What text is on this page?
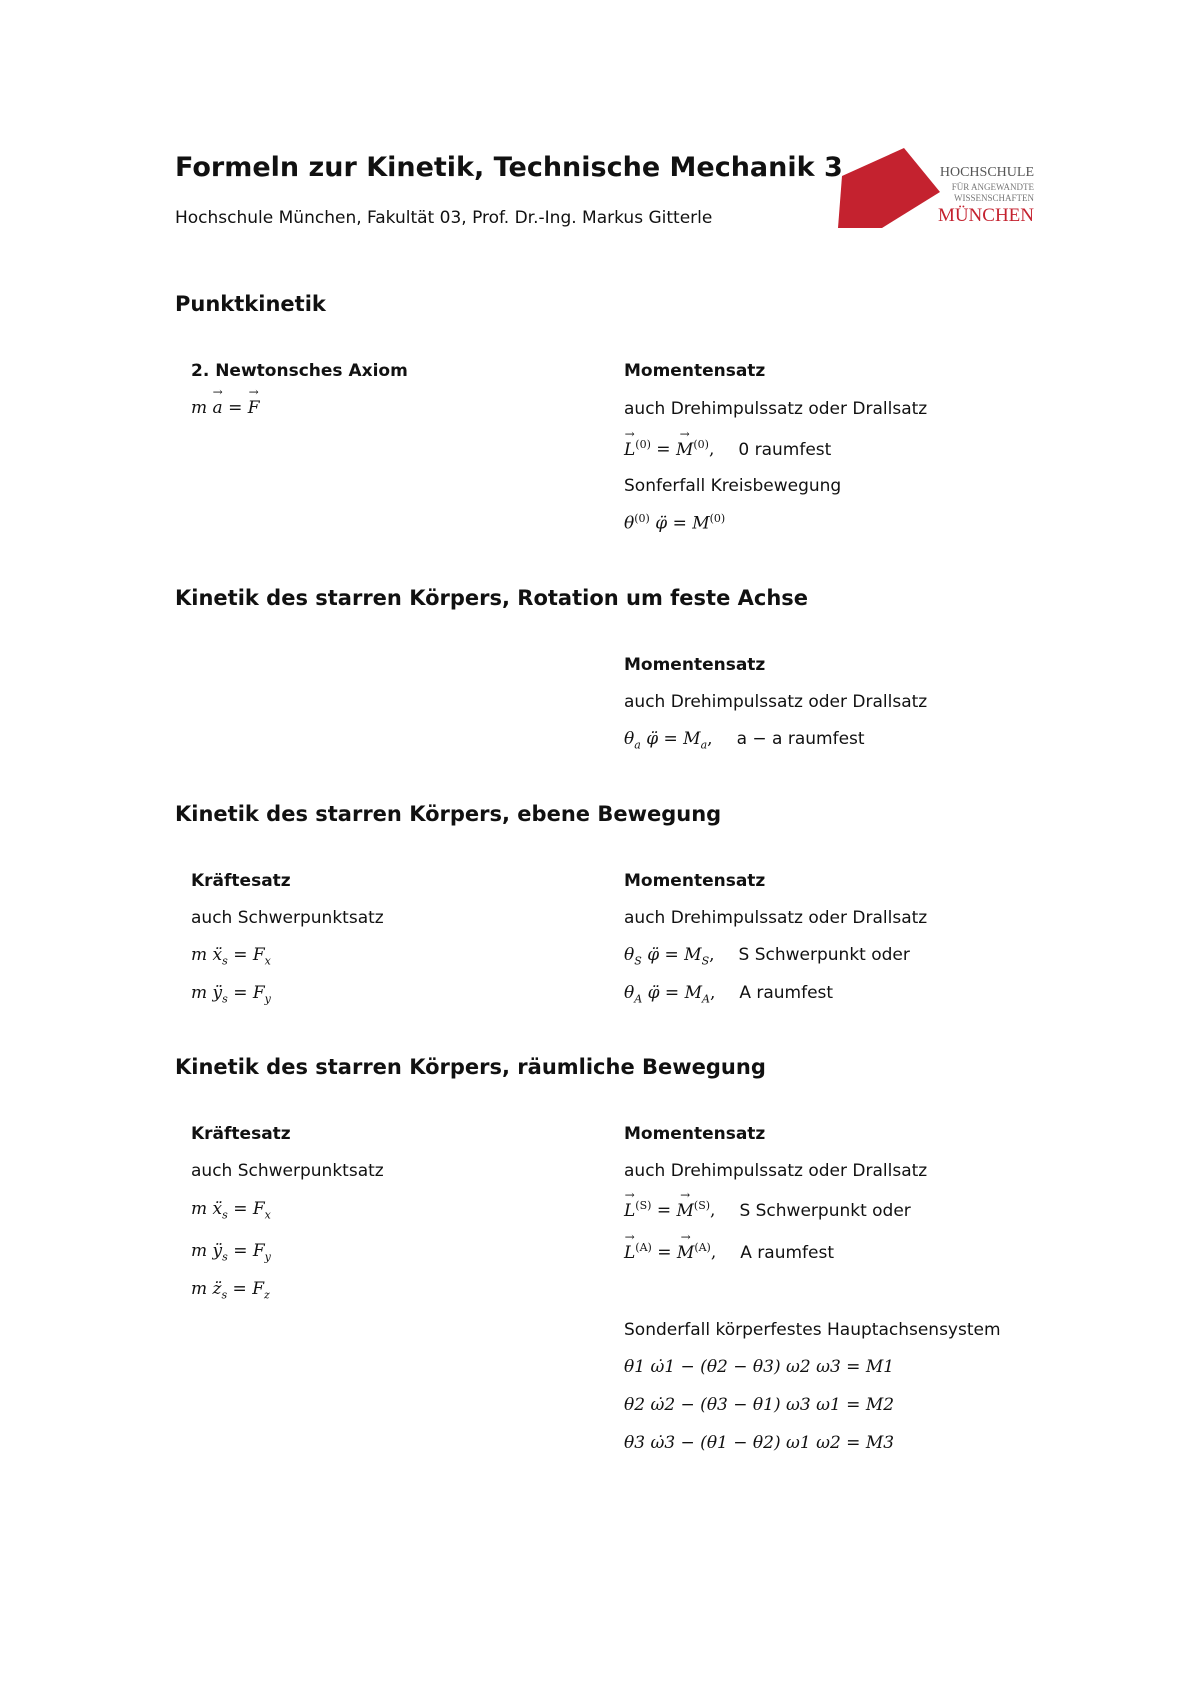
Formeln zur Kinetik, Technische Mechanik 3
Hochschule München, Fakultät 03, Prof. Dr.-Ing. Markus Gitterle
HOCHSCHULE
FÜR ANGEWANDTE
WISSENSCHAFTEN
MÜNCHEN
Punktkinetik
2. Newtonsches Axiom
m → a = → F
Momentensatz
auch Drehimpulssatz oder Drallsatz
→ $L^{(0)}$ = → $M^{(0)}$, 0 raumfest
Sonferfall Kreisbewegung
$\theta^{(0)}$ φ̈ = $M^{(0)}$
Kinetik des starren Körpers, Rotation um feste Achse
Momentensatz
auch Drehimpulssatz oder Drallsatz
$\theta_a$ φ̈ = $M_a$, a − a raumfest
Kinetik des starren Körpers, ebene Bewegung
Kräftesatz
auch Schwerpunktsatz
m ẍ$_s$ = $F_x$
m $ÿ_s = F_y$
Momentensatz
auch Drehimpulssatz oder Drallsatz
$\theta_S$ φ̈ = $M_S$, S Schwerpunkt oder
$\theta_A$ φ̈ = $M_A$, A raumfest
Kinetik des starren Körpers, räumliche Bewegung
Kräftesatz
auch Schwerpunktsatz
m ẍ$_s$ = $F_x$
m $ÿ_s = F_y$
m $z̈_s = F_z$
Momentensatz
auch Drehimpulssatz oder Drallsatz
→ $L^{(S)}$ = → $M^{(S)}$, S Schwerpunkt oder
→ $L^{(A)}$ = → $M^{(A)}$, A raumfest
Sonderfall körperfestes Hauptachsensystem
θ1 ω̇1 − (θ2 − θ3) ω2 ω3 = M1
θ2 ω̇2 − (θ3 − θ1) ω3 ω1 = M2
θ3 ω̇3 − (θ1 − θ2) ω1 ω2 = M3
